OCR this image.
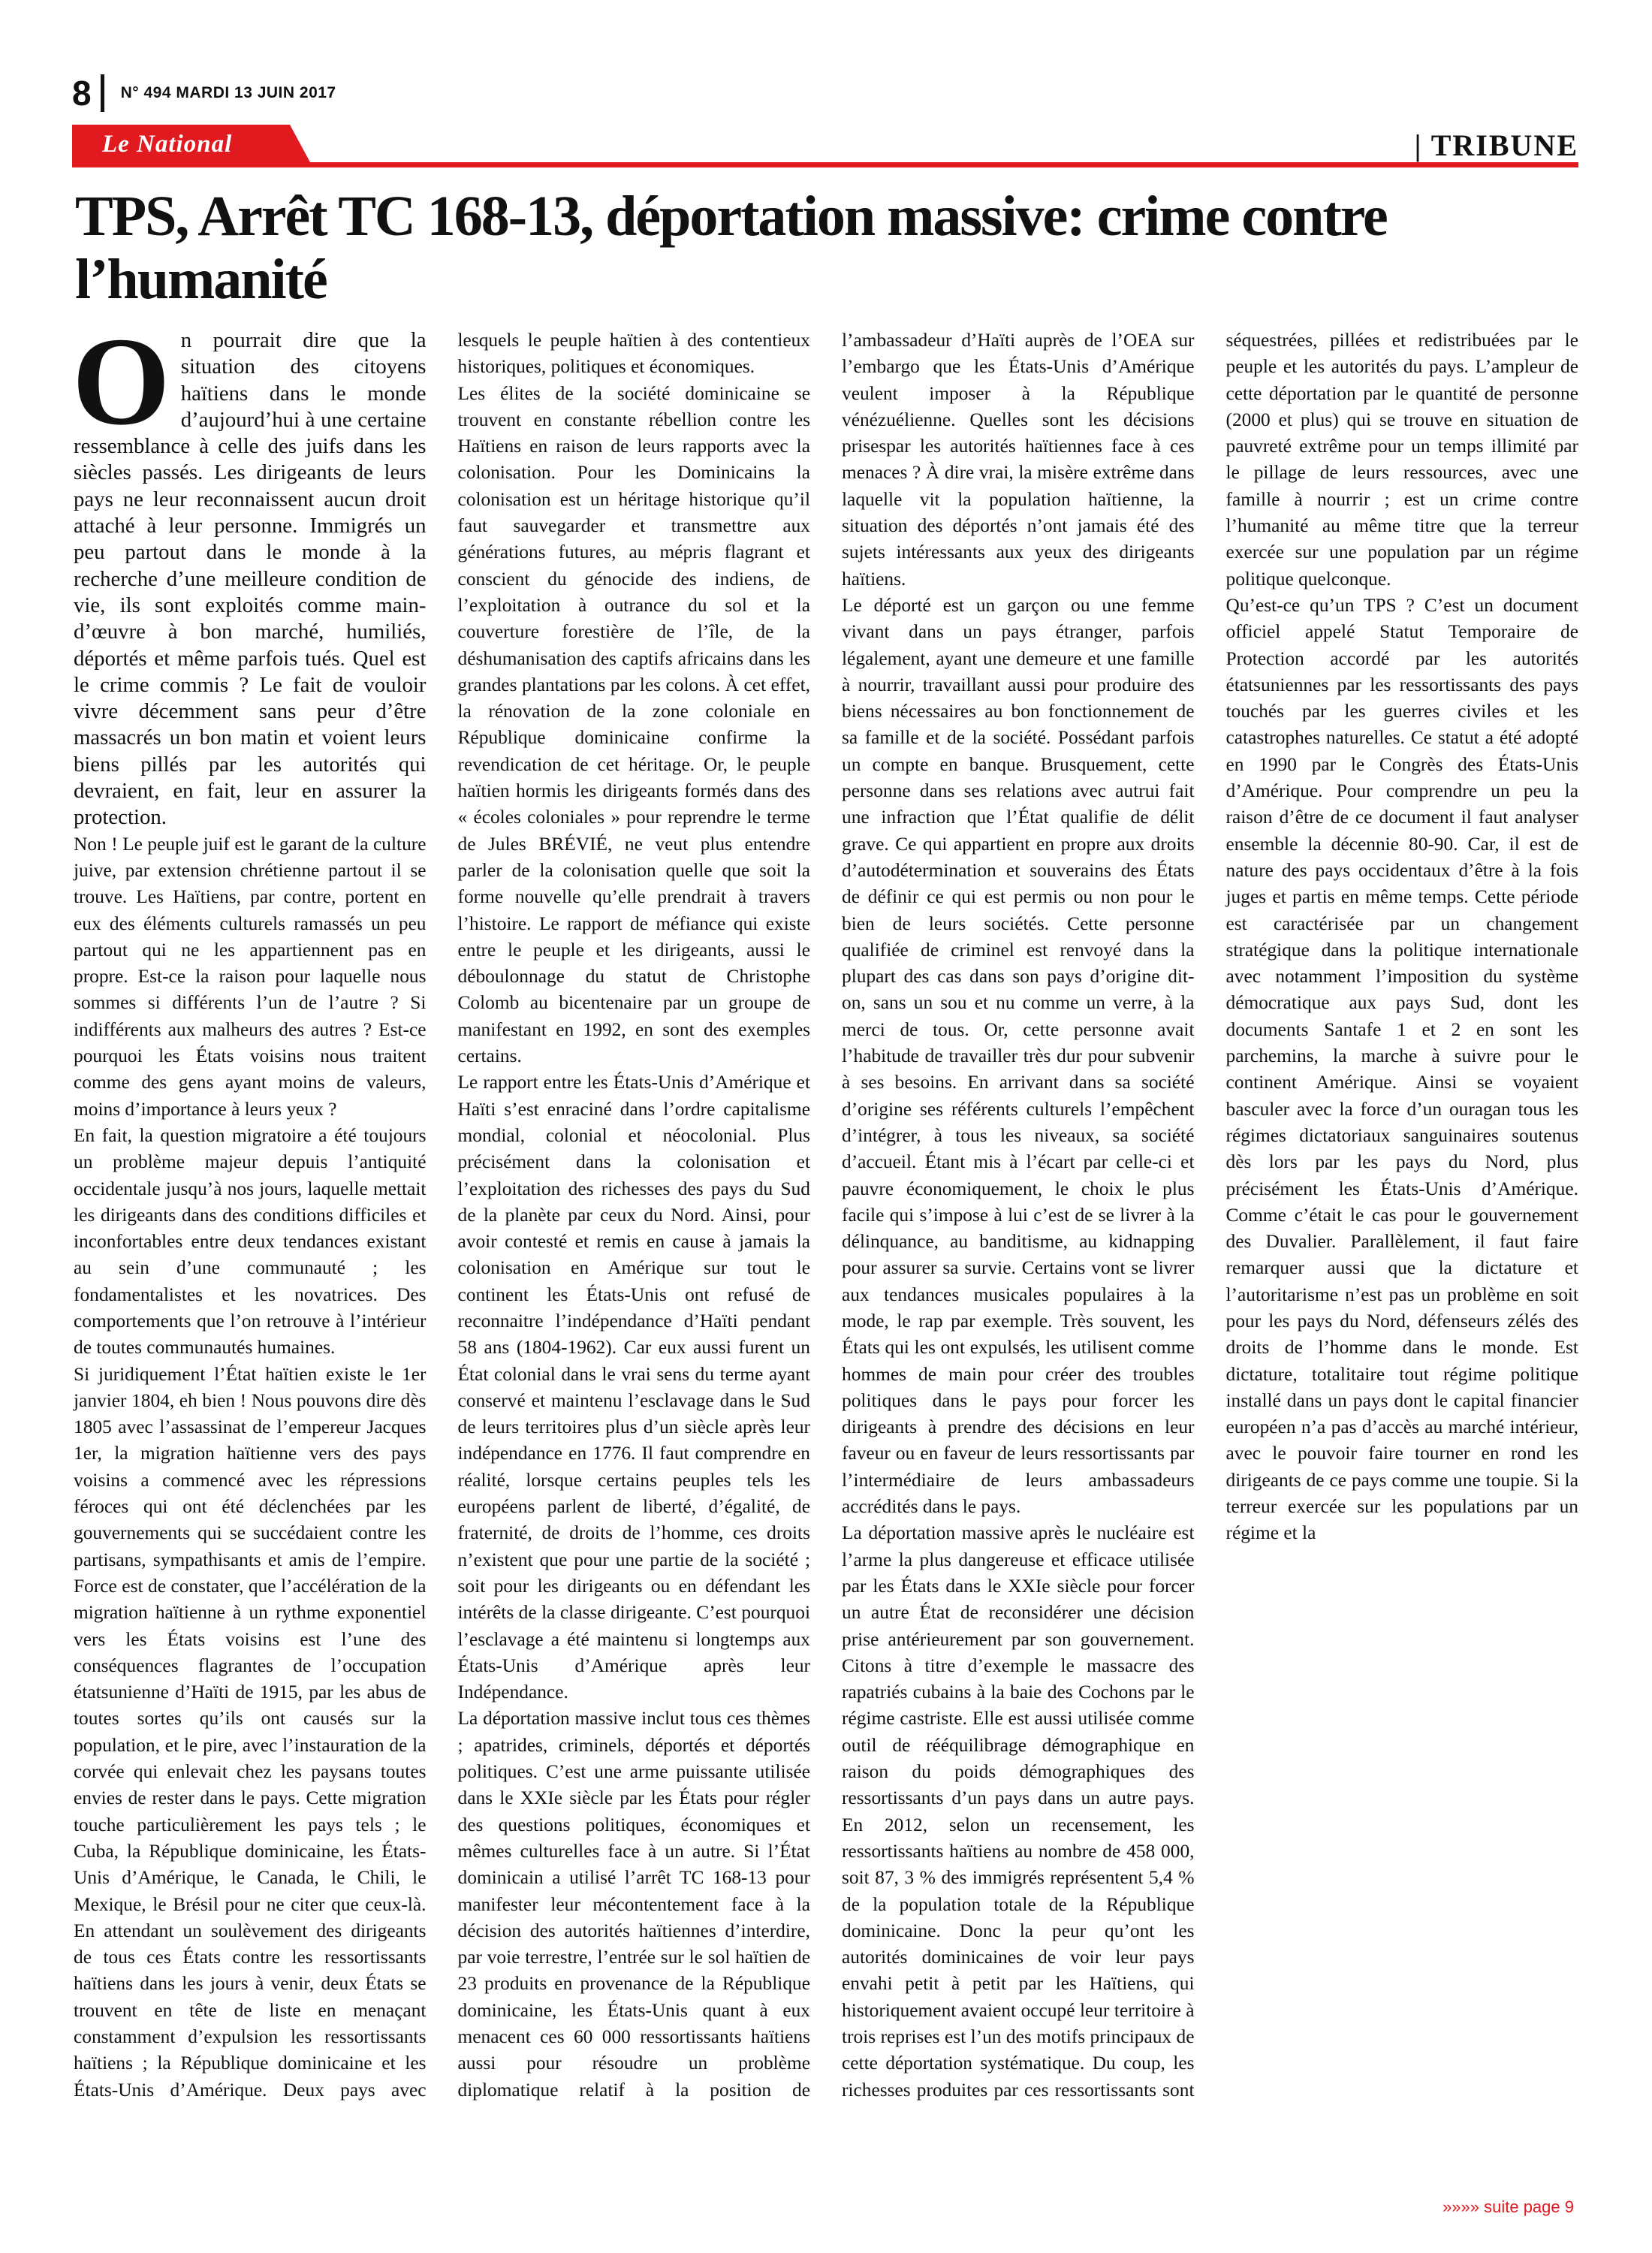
8 N° 494 MARDI 13 JUIN 2017
Le National	| TRIBUNE
TPS, Arrêt TC 168-13, déportation massive: crime contre l’humanité

On pourrait dire que la situation des citoyens haïtiens dans le monde d’aujourd’hui à une certaine ressemblance à celle des juifs dans les siècles passés. Les dirigeants de leurs pays ne leur reconnaissent aucun droit attaché à leur personne. Immigrés un peu partout dans le monde à la recherche d’une meilleure condition de vie, ils sont exploités comme main-d’œuvre à bon marché, humiliés, déportés et même parfois tués. Quel est le crime commis ? Le fait de vouloir vivre décemment sans peur d’être massacrés un bon matin et voient leurs biens pillés par les autorités qui devraient, en fait, leur en assurer la protection.

Non ! Le peuple juif est le garant de la culture juive, par extension chrétienne partout il se trouve. Les Haïtiens, par contre, portent en eux des éléments culturels ramassés un peu partout qui ne les appartiennent pas en propre. Est-ce la raison pour laquelle nous sommes si différents l’un de l’autre ? Si indifférents aux malheurs des autres ? Est-ce pourquoi les États voisins nous traitent comme des gens ayant moins de valeurs, moins d’importance à leurs yeux ?

En fait, la question migratoire a été toujours un problème majeur depuis l’antiquité occidentale jusqu’à nos jours, laquelle mettait les dirigeants dans des conditions difficiles et inconfortables entre deux tendances existant au sein d’une communauté ; les fondamentalistes et les novatrices. Des comportements que l’on retrouve à l’intérieur de toutes communautés humaines.

Si juridiquement l’État haïtien existe le 1er janvier 1804, eh bien ! Nous pouvons dire dès 1805 avec l’assassinat de l’empereur Jacques 1er, la migration haïtienne vers des pays voisins a commencé avec les répressions féroces qui ont été déclenchées par les gouvernements qui se succédaient contre les partisans, sympathisants et amis de l’empire. Force est de constater, que l’accélération de la migration haïtienne à un rythme exponentiel vers les États voisins est l’une des conséquences flagrantes de l’occupation étatsunienne d’Haïti de 1915, par les abus de toutes sortes qu’ils ont causés sur la population, et le pire, avec l’instauration de la corvée qui enlevait chez les paysans toutes envies de rester dans le pays. Cette migration touche particulièrement les pays tels ; le Cuba, la République dominicaine, les États-Unis d’Amérique, le Canada, le Chili, le Mexique, le Brésil pour ne citer que ceux-là. En attendant un soulèvement des dirigeants de tous ces États contre les ressortissants haïtiens dans les jours à venir, deux États se trouvent en tête de liste en menaçant constamment d’expulsion les ressortissants haïtiens ; la République dominicaine et les États-Unis d’Amérique. Deux pays avec lesquels le peuple haïtien à des contentieux historiques, politiques et économiques.

Les élites de la société dominicaine se trouvent en constante rébellion contre les Haïtiens en raison de leurs rapports avec la colonisation. Pour les Dominicains la colonisation est un héritage historique qu’il faut sauvegarder et transmettre aux générations futures, au mépris flagrant et conscient du génocide des indiens, de l’exploitation à outrance du sol et la couverture forestière de l’île, de la déshumanisation des captifs africains dans les grandes plantations par les colons. À cet effet, la rénovation de la zone coloniale en République dominicaine confirme la revendication de cet héritage. Or, le peuple haïtien hormis les dirigeants formés dans des « écoles coloniales » pour reprendre le terme de Jules BRÉVIÉ, ne veut plus entendre parler de la colonisation quelle que soit la forme nouvelle qu’elle prendrait à travers l’histoire. Le rapport de méfiance qui existe entre le peuple et les dirigeants, aussi le déboulonnage du statut de Christophe Colomb au bicentenaire par un groupe de manifestant en 1992, en sont des exemples certains.

Le rapport entre les États-Unis d’Amérique et Haïti s’est enraciné dans l’ordre capitalisme mondial, colonial et néocolonial. Plus précisément dans la colonisation et l’exploitation des richesses des pays du Sud de la planète par ceux du Nord. Ainsi, pour avoir contesté et remis en cause à jamais la colonisation en Amérique sur tout le continent les États-Unis ont refusé de reconnaitre l’indépendance d’Haïti pendant 58 ans (1804-1962). Car eux aussi furent un État colonial dans le vrai sens du terme ayant conservé et maintenu l’esclavage dans le Sud de leurs territoires plus d’un siècle après leur indépendance en 1776. Il faut comprendre en réalité, lorsque certains peuples tels les européens parlent de liberté, d’égalité, de fraternité, de droits de l’homme, ces droits n’existent que pour une partie de la société ; soit pour les dirigeants ou en défendant les intérêts de la classe dirigeante. C’est pourquoi l’esclavage a été maintenu si longtemps aux États-Unis d’Amérique après leur Indépendance.

La déportation massive inclut tous ces thèmes ; apatrides, criminels, déportés et déportés politiques. C’est une arme puissante utilisée dans le XXIe siècle par les États pour régler des questions politiques, économiques et mêmes culturelles face à un autre. Si l’État dominicain a utilisé l’arrêt TC 168-13 pour manifester leur mécontentement face à la décision des autorités haïtiennes d’interdire, par voie terrestre, l’entrée sur le sol haïtien de 23 produits en provenance de la République dominicaine, les États-Unis quant à eux menacent ces 60 000 ressortissants haïtiens aussi pour résoudre un problème diplomatique relatif à la position de l’ambassadeur d’Haïti auprès de l’OEA sur l’embargo que les États-Unis d’Amérique veulent imposer à la République vénézuélienne. Quelles sont les décisions prisespar les autorités haïtiennes face à ces menaces ? À dire vrai, la misère extrême dans laquelle vit la population haïtienne, la situation des déportés n’ont jamais été des sujets intéressants aux yeux des dirigeants haïtiens.

Le déporté est un garçon ou une femme vivant dans un pays étranger, parfois légalement, ayant une demeure et une famille à nourrir, travaillant aussi pour produire des biens nécessaires au bon fonctionnement de sa famille et de la société. Possédant parfois un compte en banque. Brusquement, cette personne dans ses relations avec autrui fait une infraction que l’État qualifie de délit grave. Ce qui appartient en propre aux droits d’autodétermination et souverains des États de définir ce qui est permis ou non pour le bien de leurs sociétés. Cette personne qualifiée de criminel est renvoyé dans la plupart des cas dans son pays d’origine dit-on, sans un sou et nu comme un verre, à la merci de tous. Or, cette personne avait l’habitude de travailler très dur pour subvenir à ses besoins. En arrivant dans sa société d’origine ses référents culturels l’empêchent d’intégrer, à tous les niveaux, sa société d’accueil. Étant mis à l’écart par celle-ci et pauvre économiquement, le choix le plus facile qui s’impose à lui c’est de se livrer à la délinquance, au banditisme, au kidnapping pour assurer sa survie. Certains vont se livrer aux tendances musicales populaires à la mode, le rap par exemple. Très souvent, les États qui les ont expulsés, les utilisent comme hommes de main pour créer des troubles politiques dans le pays pour forcer les dirigeants à prendre des décisions en leur faveur ou en faveur de leurs ressortissants par l’intermédiaire de leurs ambassadeurs accrédités dans le pays.

La déportation massive après le nucléaire est l’arme la plus dangereuse et efficace utilisée par les États dans le XXIe siècle pour forcer un autre État de reconsidérer une décision prise antérieurement par son gouvernement. Citons à titre d’exemple le massacre des rapatriés cubains à la baie des Cochons par le régime castriste. Elle est aussi utilisée comme outil de rééquilibrage démographique en raison du poids démographiques des ressortissants d’un pays dans un autre pays. En 2012, selon un recensement, les ressortissants haïtiens au nombre de 458 000, soit 87, 3 % des immigrés représentent 5,4 % de la population totale de la République dominicaine. Donc la peur qu’ont les autorités dominicaines de voir leur pays envahi petit à petit par les Haïtiens, qui historiquement avaient occupé leur territoire à trois reprises est l’un des motifs principaux de cette déportation systématique. Du coup, les richesses produites par ces ressortissants sont séquestrées, pillées et redistribuées par le peuple et les autorités du pays. L’ampleur de cette déportation par le quantité de personne (2000 et plus) qui se trouve en situation de pauvreté extrême pour un temps illimité par le pillage de leurs ressources, avec une famille à nourrir ; est un crime contre l’humanité au même titre que la terreur exercée sur une population par un régime politique quelconque.

Qu’est-ce qu’un TPS ? C’est un document officiel appelé Statut Temporaire de Protection accordé par les autorités étatsuniennes par les ressortissants des pays touchés par les guerres civiles et les catastrophes naturelles. Ce statut a été adopté en 1990 par le Congrès des États-Unis d’Amérique. Pour comprendre un peu la raison d’être de ce document il faut analyser ensemble la décennie 80-90. Car, il est de nature des pays occidentaux d’être à la fois juges et partis en même temps. Cette période est caractérisée par un changement stratégique dans la politique internationale avec notamment l’imposition du système démocratique aux pays Sud, dont les documents Santafe 1 et 2 en sont les parchemins, la marche à suivre pour le continent Amérique. Ainsi se voyaient basculer avec la force d’un ouragan tous les régimes dictatoriaux sanguinaires soutenus dès lors par les pays du Nord, plus précisément les États-Unis d’Amérique. Comme c’était le cas pour le gouvernement des Duvalier. Parallèlement, il faut faire remarquer aussi que la dictature et l’autoritarisme n’est pas un problème en soit pour les pays du Nord, défenseurs zélés des droits de l’homme dans le monde. Est dictature, totalitaire tout régime politique installé dans un pays dont le capital financier européen n’a pas d’accès au marché intérieur, avec le pouvoir faire tourner en rond les dirigeants de ce pays comme une toupie. Si la terreur exercée sur les populations par un régime et la

»»»» suite page 9
